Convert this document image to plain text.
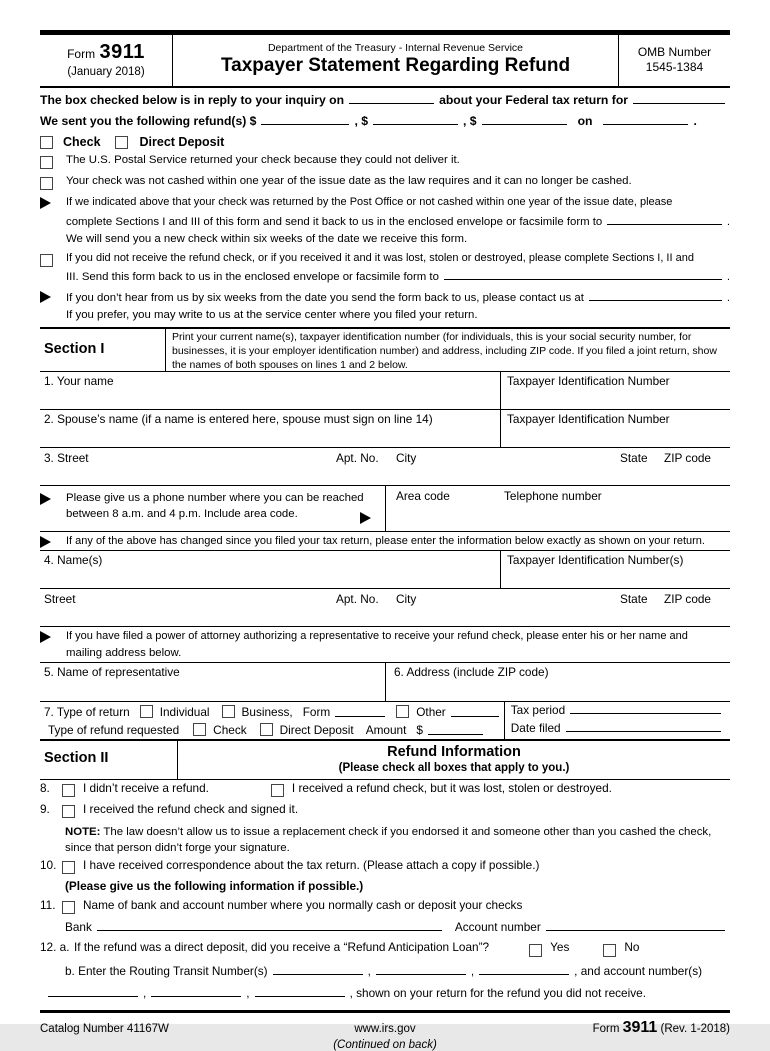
Form 3911
(January 2018)
Department of the Treasury - Internal Revenue Service
Taxpayer Statement Regarding Refund
OMB Number
1545-1384
The box checked below is in reply to your inquiry on	about your Federal tax return for
We sent you the following refund(s) $	, $	, $	on	.
Check	Direct Deposit
The U.S. Postal Service returned your check because they could not deliver it.
Your check was not cashed within one year of the issue date as the law requires and it can no longer be cashed.
If we indicated above that your check was returned by the Post Office or not cashed within one year of the issue date, please
complete Sections I and III of this form and send it back to us in the enclosed envelope or facsimile form to	.
We will send you a new check within six weeks of the date we receive this form.
If you did not receive the refund check, or if you received it and it was lost, stolen or destroyed, please complete Sections I, II and
III. Send this form back to us in the enclosed envelope or facsimile form to	.
If you don’t hear from us by six weeks from the date you send the form back to us, please contact us at	.
If you prefer, you may write to us at the service center where you filed your return.
Section I
Print your current name(s), taxpayer identification number (for individuals, this is your social security number, for businesses, it is your employer identification number) and address, including ZIP code. If you filed a joint return, show the names of both spouses on lines 1 and 2 below.
1. Your name	Taxpayer Identification Number
2. Spouse’s name (if a name is entered here, spouse must sign on line 14)	Taxpayer Identification Number
3. Street	Apt. No. City	State ZIP code
Please give us a phone number where you can be reached
between 8 a.m. and 4 p.m. Include area code.
Area code	Telephone number
If any of the above has changed since you filed your tax return, please enter the information below exactly as shown on your return.
4. Name(s)	Taxpayer Identification Number(s)
Street	Apt. No. City	State ZIP code
If you have filed a power of attorney authorizing a representative to receive your refund check, please enter his or her name and
mailing address below.
5. Name of representative	6. Address (include ZIP code)
7. Type of return	Individual	Business, Form	Other
Type of refund requested	Check	Direct Deposit Amount $
Tax period
Date filed
Section II	Refund Information
(Please check all boxes that apply to you.)
8.	I didn’t receive a refund.	I received a refund check, but it was lost, stolen or destroyed.
9.	I received the refund check and signed it.
NOTE: The law doesn’t allow us to issue a replacement check if you endorsed it and someone other than you cashed the check,
since that person didn’t forge your signature.
10.	I have received correspondence about the tax return. (Please attach a copy if possible.)
(Please give us the following information if possible.)
11.	Name of bank and account number where you normally cash or deposit your checks
Bank	Account number
12. a. If the refund was a direct deposit, did you receive a “Refund Anticipation Loan”?	Yes	No
b. Enter the Routing Transit Number(s)	,	,	, and account number(s)
,	,	, shown on your return for the refund you did not receive.
Catalog Number 41167W	www.irs.gov	Form 3911 (Rev. 1-2018)
(Continued on back)
